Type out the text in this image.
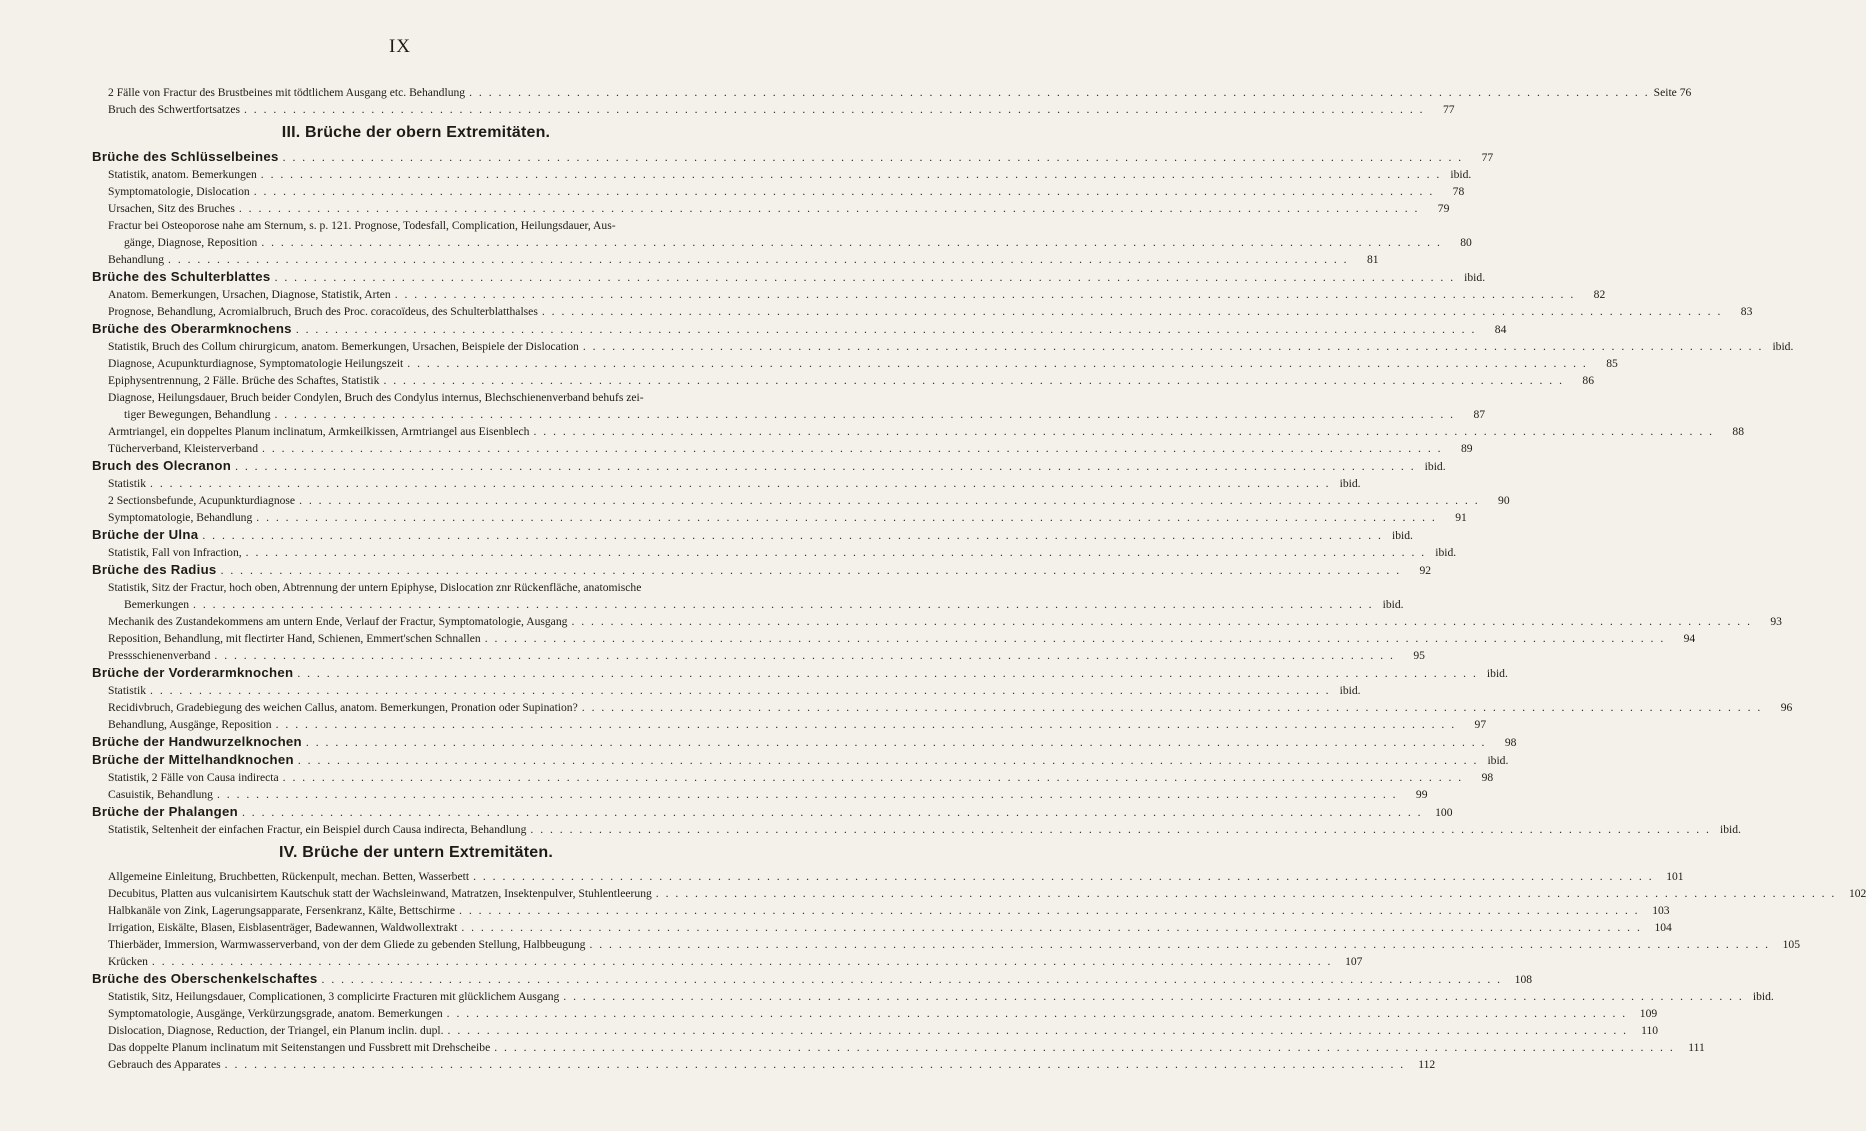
IX
2 Fälle von Fractur des Brustbeines mit tödtlichem Ausgang etc. Behandlung . . .	Seite 76
Bruch des Schwertfortsatzes . . .	77
III. Brüche der obern Extremitäten.
Brüche des Schlüsselbeines . . .	77
Statistik, anatom. Bemerkungen . . .	ibid.
Symptomatologie, Dislocation . . .	78
Ursachen, Sitz des Bruches . . .	79
Fractur bei Osteoporose nahe am Sternum, s. p. 121. Prognose, Todesfall, Complication, Heilungsdauer, Aus-
gänge, Diagnose, Reposition . . .	80
Behandlung . . .	81
Brüche des Schulterblattes . . .	ibid.
Anatom. Bemerkungen, Ursachen, Diagnose, Statistik, Arten . . .	82
Prognose, Behandlung, Acromialbruch, Bruch des Proc. coracoïdeus, des Schulterblatthalses . . .	83
Brüche des Oberarmknochens . . .	84
Statistik, Bruch des Collum chirurgicum, anatom. Bemerkungen, Ursachen, Beispiele der Dislocation . . .	ibid.
Diagnose, Acupunkturdiagnose, Symptomatologie Heilungszeit . . .	85
Epiphysentrennung, 2 Fälle. Brüche des Schaftes, Statistik . . .	86
Diagnose, Heilungsdauer, Bruch beider Condylen, Bruch des Condylus internus, Blechschienenverband behufs zei-
tiger Bewegungen, Behandlung . . .	87
Armtriangel, ein doppeltes Planum inclinatum, Armkeilkissen, Armtriangel aus Eisenblech . . .	88
Tücherverband, Kleisterverband . . .	89
Bruch des Olecranon . . .	ibid.
Statistik . . .	ibid.
2 Sectionsbefunde, Acupunkturdiagnose . . .	90
Symptomatologie, Behandlung . . .	91
Brüche der Ulna . . .	ibid.
Statistik, Fall von Infraction, . . .	ibid.
Brüche des Radius . . .	92
Statistik, Sitz der Fractur, hoch oben, Abtrennung der untern Epiphyse, Dislocation znr Rückenfläche, anatomische
Bemerkungen . . .	ibid.
Mechanik des Zustandekommens am untern Ende, Verlauf der Fractur, Symptomatologie, Ausgang . . .	93
Reposition, Behandlung, mit flectirter Hand, Schienen, Emmert'schen Schnallen . . .	94
Pressschienenverband . . .	95
Brüche der Vorderarmknochen . . .	ibid.
Statistik . . .	ibid.
Recidivbruch, Gradebiegung des weichen Callus, anatom. Bemerkungen, Pronation oder Supination? . . .	96
Behandlung, Ausgänge, Reposition . . .	97
Brüche der Handwurzelknochen . . .	98
Brüche der Mittelhandknochen . . .	ibid.
Statistik, 2 Fälle von Causa indirecta . . .	98
Casuistik, Behandlung . . .	99
Brüche der Phalangen . . .	100
Statistik, Seltenheit der einfachen Fractur, ein Beispiel durch Causa indirecta, Behandlung . . .	ibid.
IV. Brüche der untern Extremitäten.
Allgemeine Einleitung, Bruchbetten, Rückenpult, mechan. Betten, Wasserbett . . .	101
Decubitus, Platten aus vulcanisirtem Kautschuk statt der Wachsleinwand, Matratzen, Insektenpulver, Stuhlentleerung . . .	102
Halbkanäle von Zink, Lagerungsapparate, Fersenkranz, Kälte, Bettschirme . . .	103
Irrigation, Eiskälte, Blasen, Eisblasenträger, Badewannen, Waldwollextrakt . . .	104
Thierbäder, Immersion, Warmwasserverband, von der dem Gliede zu gebenden Stellung, Halbbeugung . . .	105
Krücken . . .	107
Brüche des Oberschenkelschaftes . . .	108
Statistik, Sitz, Heilungsdauer, Complicationen, 3 complicirte Fracturen mit glücklichem Ausgang . . .	ibid.
Symptomatologie, Ausgänge, Verkürzungsgrade, anatom. Bemerkungen . . .	109
Dislocation, Diagnose, Reduction, der Triangel, ein Planum inclin. dupl. . . .	110
Das doppelte Planum inclinatum mit Seitenstangen und Fussbrett mit Drehscheibe . . .	111
Gebrauch des Apparates . . .	112
